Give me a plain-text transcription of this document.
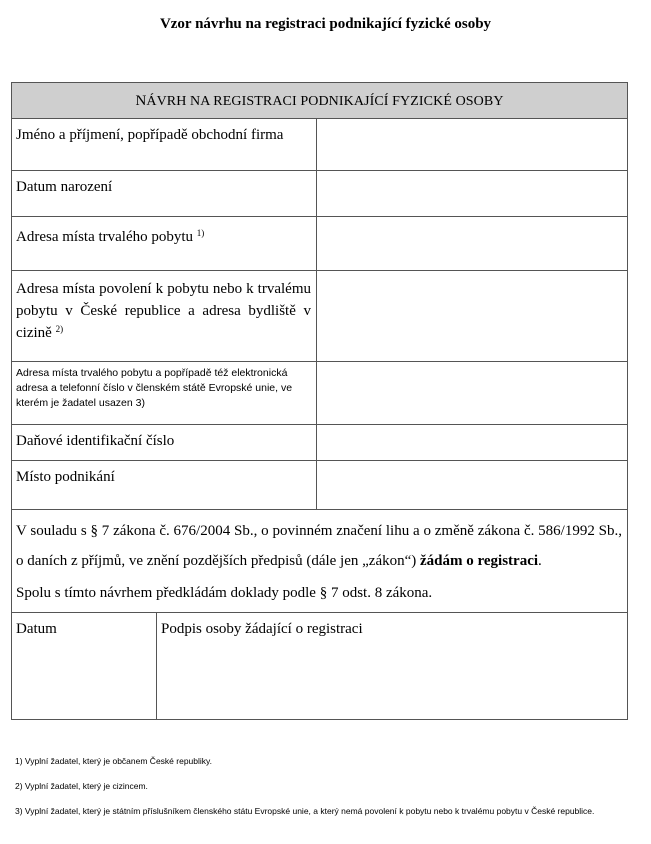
Vzor návrhu na registraci podnikající fyzické osoby
NÁVRH NA REGISTRACI PODNIKAJÍCÍ FYZICKÉ OSOBY
Jméno a příjmení, popřípadě obchodní firma
Datum narození
Adresa místa trvalého pobytu $^{1)}$
Adresa místa povolení k pobytu nebo k trvalému pobytu v České republice a adresa bydliště v cizině $^{2)}$
Adresa místa trvalého pobytu a popřípadě též elektronická adresa a telefonní číslo v členském státě Evropské unie, ve kterém je žadatel usazen 3)
Daňové identifikační číslo
Místo podnikání

V souladu s § 7 zákona č. 676/2004 Sb., o povinném značení lihu a o změně zákona č. 586/1992 Sb., o daních z příjmů, ve znění pozdějších předpisů (dále jen „zákon“) žádám o registraci.

Spolu s tímto návrhem předkládám doklady podle § 7 odst. 8 zákona.

Datum	Podpis osoby žádající o registraci
1) Vyplní žadatel, který je občanem České republiky.
2) Vyplní žadatel, který je cizincem.
3) Vyplní žadatel, který je státním příslušníkem členského státu Evropské unie, a který nemá povolení k pobytu nebo k trvalému pobytu v České republice.
